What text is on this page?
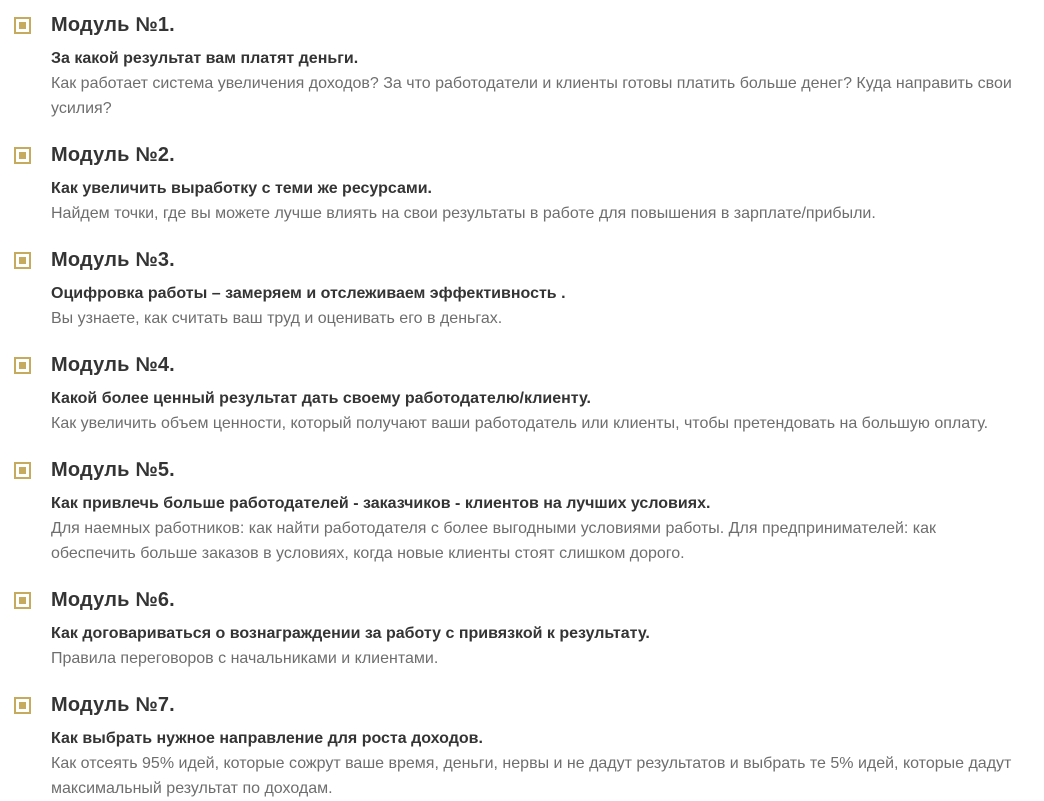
Модуль №1.

За какой результат вам платят деньги.

Как работает система увеличения доходов? За что работодатели и клиенты готовы платить больше денег? Куда направить свои усилия?

Модуль №2.

Как увеличить выработку с теми же ресурсами.

Найдем точки, где вы можете лучше влиять на свои результаты в работе для повышения в зарплате/прибыли.

Модуль №3.

Оцифровка работы – замеряем и отслеживаем эффективность .

Вы узнаете, как считать ваш труд и оценивать его в деньгах.

Модуль №4.

Какой более ценный результат дать своему работодателю/клиенту.

Как увеличить объем ценности, который получают ваши работодатель или клиенты, чтобы претендовать на большую оплату.

Модуль №5.

Как привлечь больше работодателей - заказчиков - клиентов на лучших условиях.

Для наемных работников: как найти работодателя с более выгодными условиями работы. Для предпринимателей: как обеспечить больше заказов в условиях, когда новые клиенты стоят слишком дорого.

Модуль №6.

Как договариваться о вознаграждении за работу с привязкой к результату.

Правила переговоров с начальниками и клиентами.

Модуль №7.

Как выбрать нужное направление для роста доходов.

Как отсеять 95% идей, которые сожрут ваше время, деньги, нервы и не дадут результатов и выбрать те 5% идей, которые дадут максимальный результат по доходам.
